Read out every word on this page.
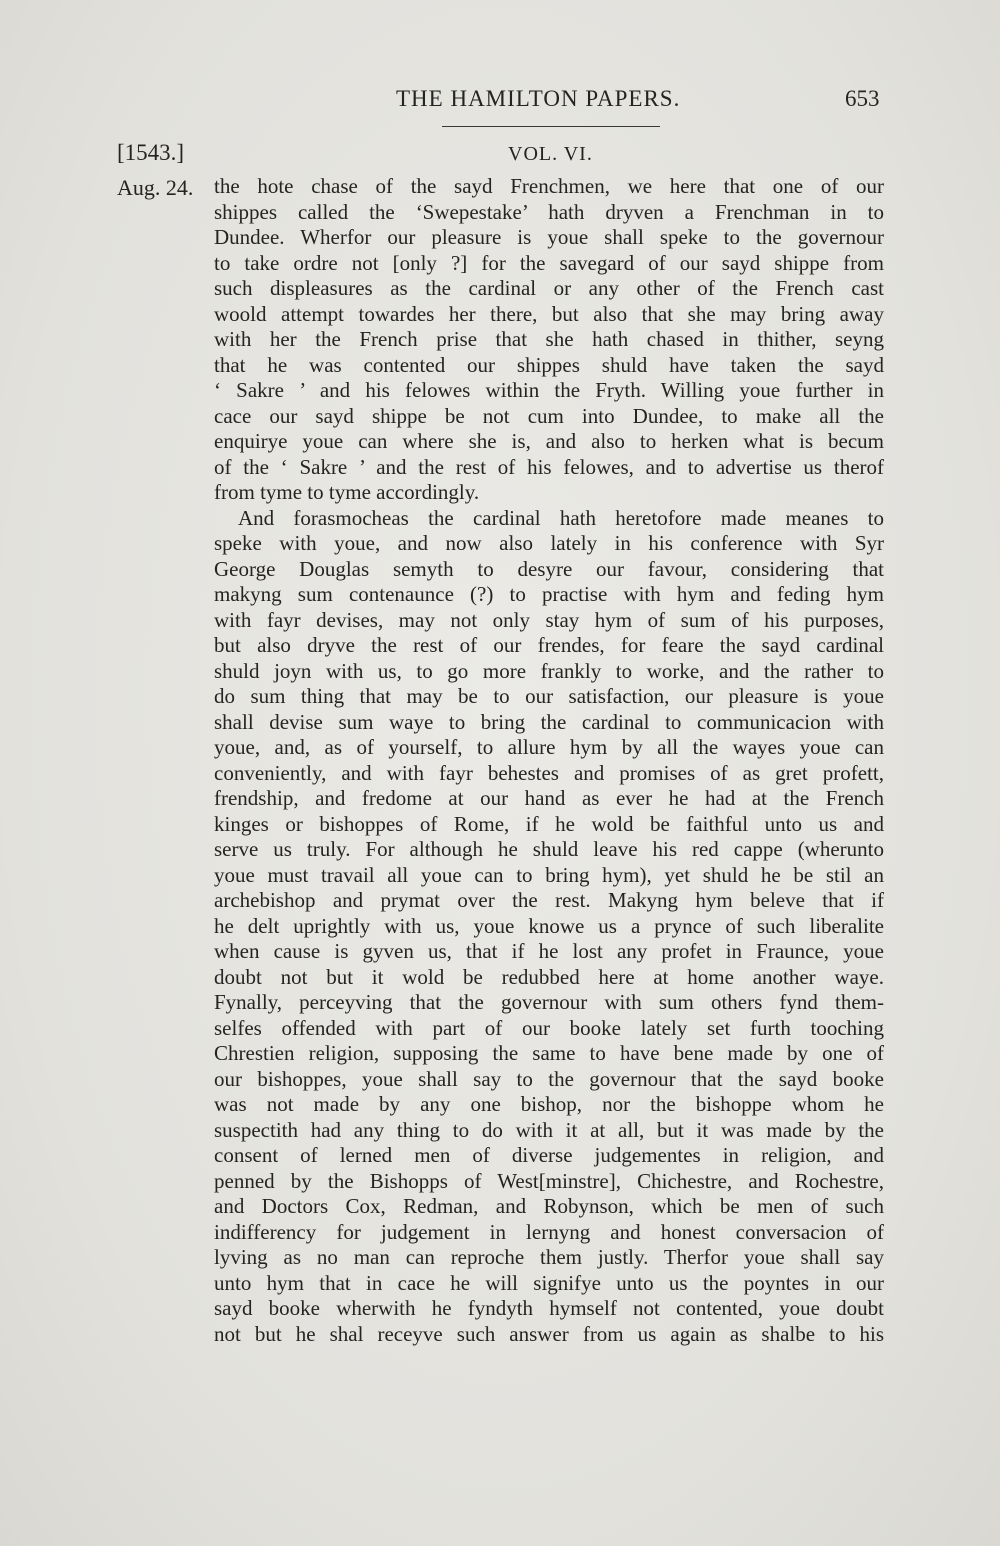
THE HAMILTON PAPERS.	653
[1543.]	VOL. VI.
Aug. 24. the hote chase of the sayd Frenchmen, we here that one of our
shippes called the ‘Swepestake’ hath dryven a Frenchman in to
Dundee. Wherfor our pleasure is youe shall speke to the governour
to take ordre not [only ?] for the savegard of our sayd shippe from
such displeasures as the cardinal or any other of the French cast
woold attempt towardes her there, but also that she may bring away
with her the French prise that she hath chased in thither, seyng
that he was contented our shippes shuld have taken the sayd
‘ Sakre ’ and his felowes within the Fryth. Willing youe further in
cace our sayd shippe be not cum into Dundee, to make all the
enquirye youe can where she is, and also to herken what is becum
of the ‘ Sakre ’ and the rest of his felowes, and to advertise us therof
from tyme to tyme accordingly.
And forasmocheas the cardinal hath heretofore made meanes to
speke with youe, and now also lately in his conference with Syr
George Douglas semyth to desyre our favour, considering that
makyng sum contenaunce (?) to practise with hym and feding hym
with fayr devises, may not only stay hym of sum of his purposes,
but also dryve the rest of our frendes, for feare the sayd cardinal
shuld joyn with us, to go more frankly to worke, and the rather to
do sum thing that may be to our satisfaction, our pleasure is youe
shall devise sum waye to bring the cardinal to communicacion with
youe, and, as of yourself, to allure hym by all the wayes youe can
conveniently, and with fayr behestes and promises of as gret profett,
frendship, and fredome at our hand as ever he had at the French
kinges or bishoppes of Rome, if he wold be faithful unto us and
serve us truly. For although he shuld leave his red cappe (wherunto
youe must travail all youe can to bring hym), yet shuld he be stil an
archebishop and prymat over the rest. Makyng hym beleve that if
he delt uprightly with us, youe knowe us a prynce of such liberalite
when cause is gyven us, that if he lost any profet in Fraunce, youe
doubt not but it wold be redubbed here at home another waye.
Fynally, perceyving that the governour with sum others fynd them-
selfes offended with part of our booke lately set furth tooching
Chrestien religion, supposing the same to have bene made by one of
our bishoppes, youe shall say to the governour that the sayd booke
was not made by any one bishop, nor the bishoppe whom he
suspectith had any thing to do with it at all, but it was made by the
consent of lerned men of diverse judgementes in religion, and
penned by the Bishopps of West[minstre], Chichestre, and Rochestre,
and Doctors Cox, Redman, and Robynson, which be men of such
indifferency for judgement in lernyng and honest conversacion of
lyving as no man can reproche them justly. Therfor youe shall say
unto hym that in cace he will signifye unto us the poyntes in our
sayd booke wherwith he fyndyth hymself not contented, youe doubt
not but he shal receyve such answer from us again as shalbe to his
